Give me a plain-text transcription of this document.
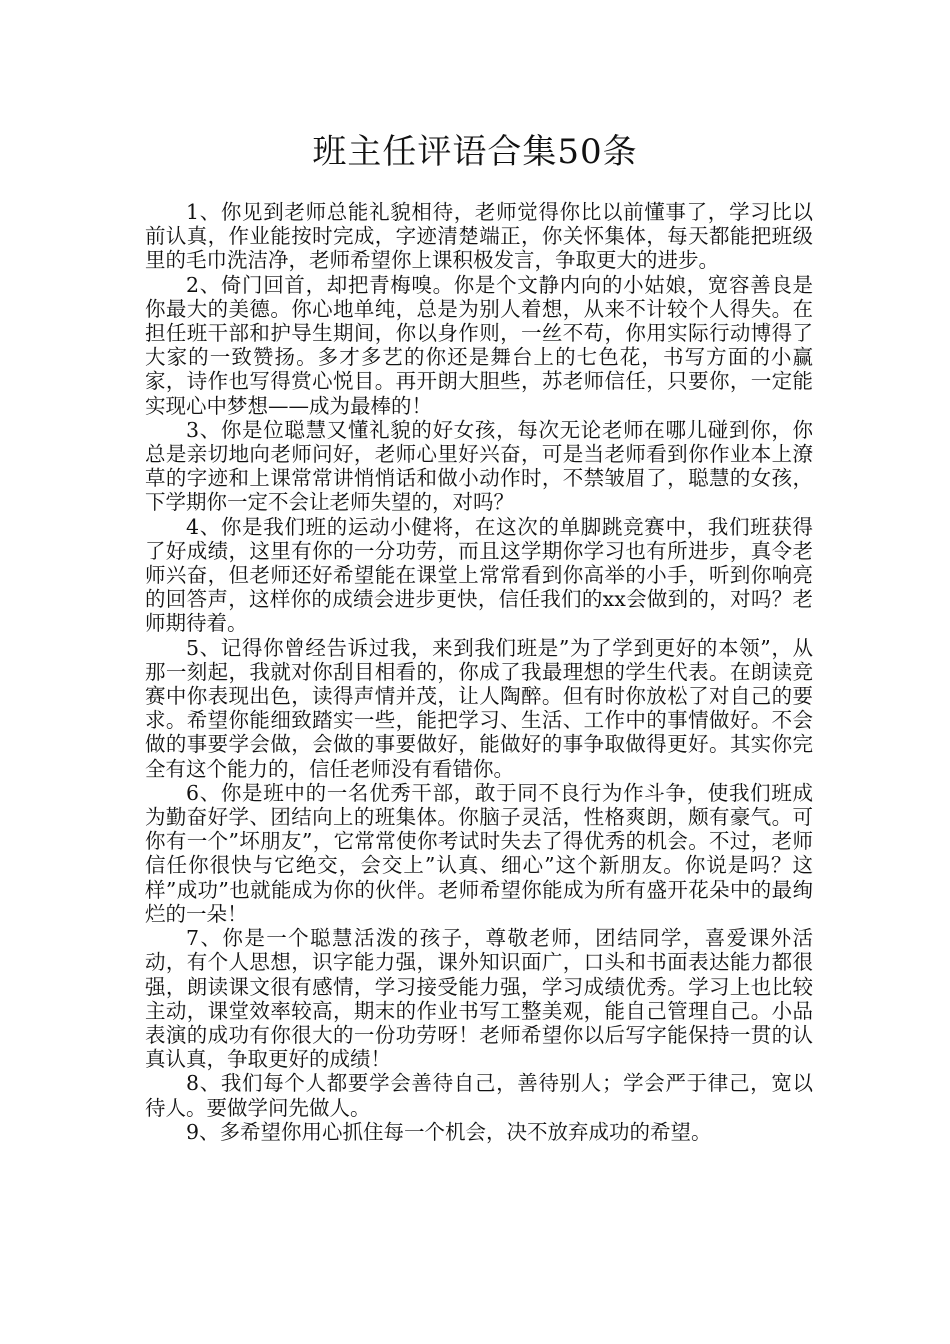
班主任评语合集50条

1、你见到老师总能礼貌相待，老师觉得你比以前懂事了，学习比以前认真，作业能按时完成，字迹清楚端正，你关怀集体，每天都能把班级里的毛巾洗洁净，老师希望你上课积极发言，争取更大的进步。

2、倚门回首，却把青梅嗅。你是个文静内向的小姑娘，宽容善良是你最大的美德。你心地单纯，总是为别人着想，从来不计较个人得失。在担任班干部和护导生期间，你以身作则，一丝不苟，你用实际行动博得了大家的一致赞扬。多才多艺的你还是舞台上的七色花，书写方面的小赢家，诗作也写得赏心悦目。再开朗大胆些，苏老师信任，只要你，一定能实现心中梦想——成为最棒的！

3、你是位聪慧又懂礼貌的好女孩，每次无论老师在哪儿碰到你，你总是亲切地向老师问好，老师心里好兴奋，可是当老师看到你作业本上潦草的字迹和上课常常讲悄悄话和做小动作时，不禁皱眉了，聪慧的女孩，下学期你一定不会让老师失望的，对吗？

4、你是我们班的运动小健将，在这次的单脚跳竞赛中，我们班获得了好成绩，这里有你的一分功劳，而且这学期你学习也有所进步，真令老师兴奋，但老师还好希望能在课堂上常常看到你高举的小手，听到你响亮的回答声，这样你的成绩会进步更快，信任我们的xx会做到的，对吗？老师期待着。

5、记得你曾经告诉过我，来到我们班是”为了学到更好的本领”，从那一刻起，我就对你刮目相看的，你成了我最理想的学生代表。在朗读竞赛中你表现出色，读得声情并茂，让人陶醉。但有时你放松了对自己的要求。希望你能细致踏实一些，能把学习、生活、工作中的事情做好。不会做的事要学会做，会做的事要做好，能做好的事争取做得更好。其实你完全有这个能力的，信任老师没有看错你。

6、你是班中的一名优秀干部，敢于同不良行为作斗争，使我们班成为勤奋好学、团结向上的班集体。你脑子灵活，性格爽朗，颇有豪气。可你有一个”坏朋友”，它常常使你考试时失去了得优秀的机会。不过，老师信任你很快与它绝交，会交上”认真、细心”这个新朋友。你说是吗？这样”成功”也就能成为你的伙伴。老师希望你能成为所有盛开花朵中的最绚烂的一朵！

7、你是一个聪慧活泼的孩子，尊敬老师，团结同学，喜爱课外活动，有个人思想，识字能力强，课外知识面广，口头和书面表达能力都很强，朗读课文很有感情，学习接受能力强，学习成绩优秀。学习上也比较主动，课堂效率较高，期末的作业书写工整美观，能自己管理自己。小品表演的成功有你很大的一份功劳呀！老师希望你以后写字能保持一贯的认真认真，争取更好的成绩！

8、我们每个人都要学会善待自己，善待别人；学会严于律己，宽以待人。要做学问先做人。

9、多希望你用心抓住每一个机会，决不放弃成功的希望。
